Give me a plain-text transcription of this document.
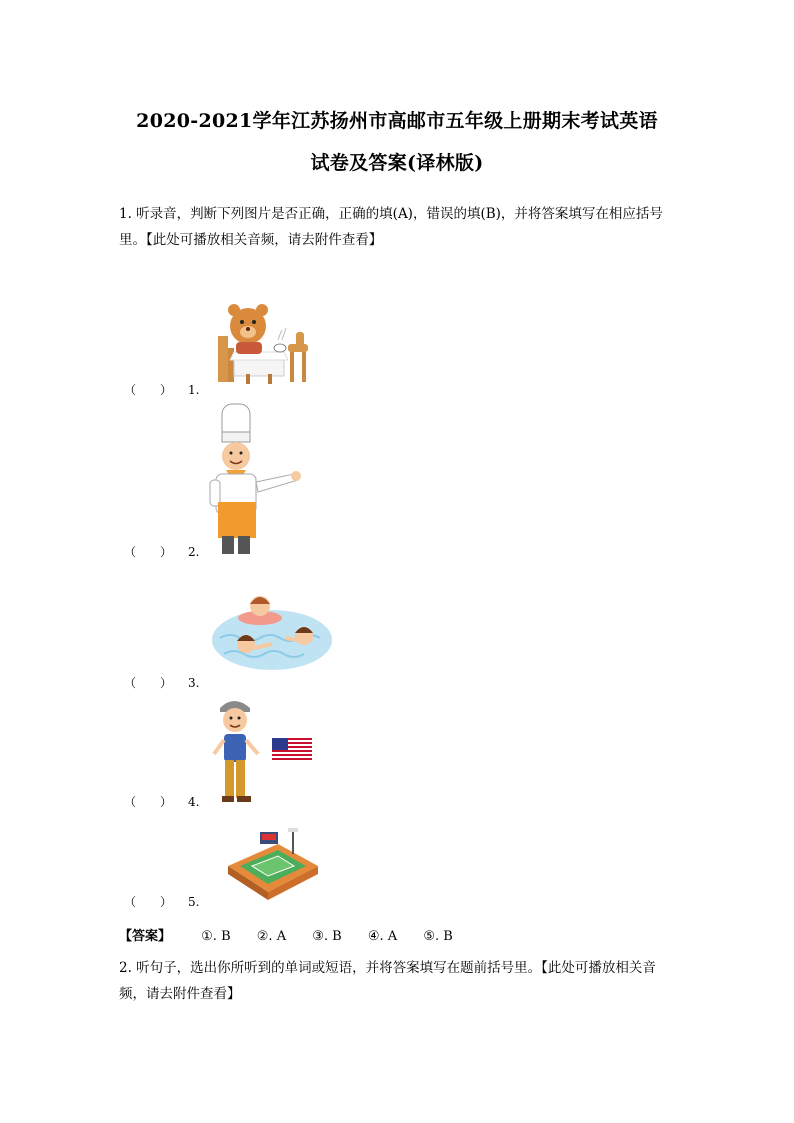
2020-2021学年江苏扬州市高邮市五年级上册期末考试英语
试卷及答案(译林版)
1. 听录音，判断下列图片是否正确，正确的填(A)，错误的填(B)，并将答案填写在相应括号里。【此处可播放相关音频，请去附件查看】
（　　） 1.
（　　） 2.
（　　） 3.
（　　） 4.
（　　） 5.
【答案】 ①. B ②. A ③. B ④. A ⑤. B
2. 听句子，选出你所听到的单词或短语，并将答案填写在题前括号里。【此处可播放相关音频，请去附件查看】
